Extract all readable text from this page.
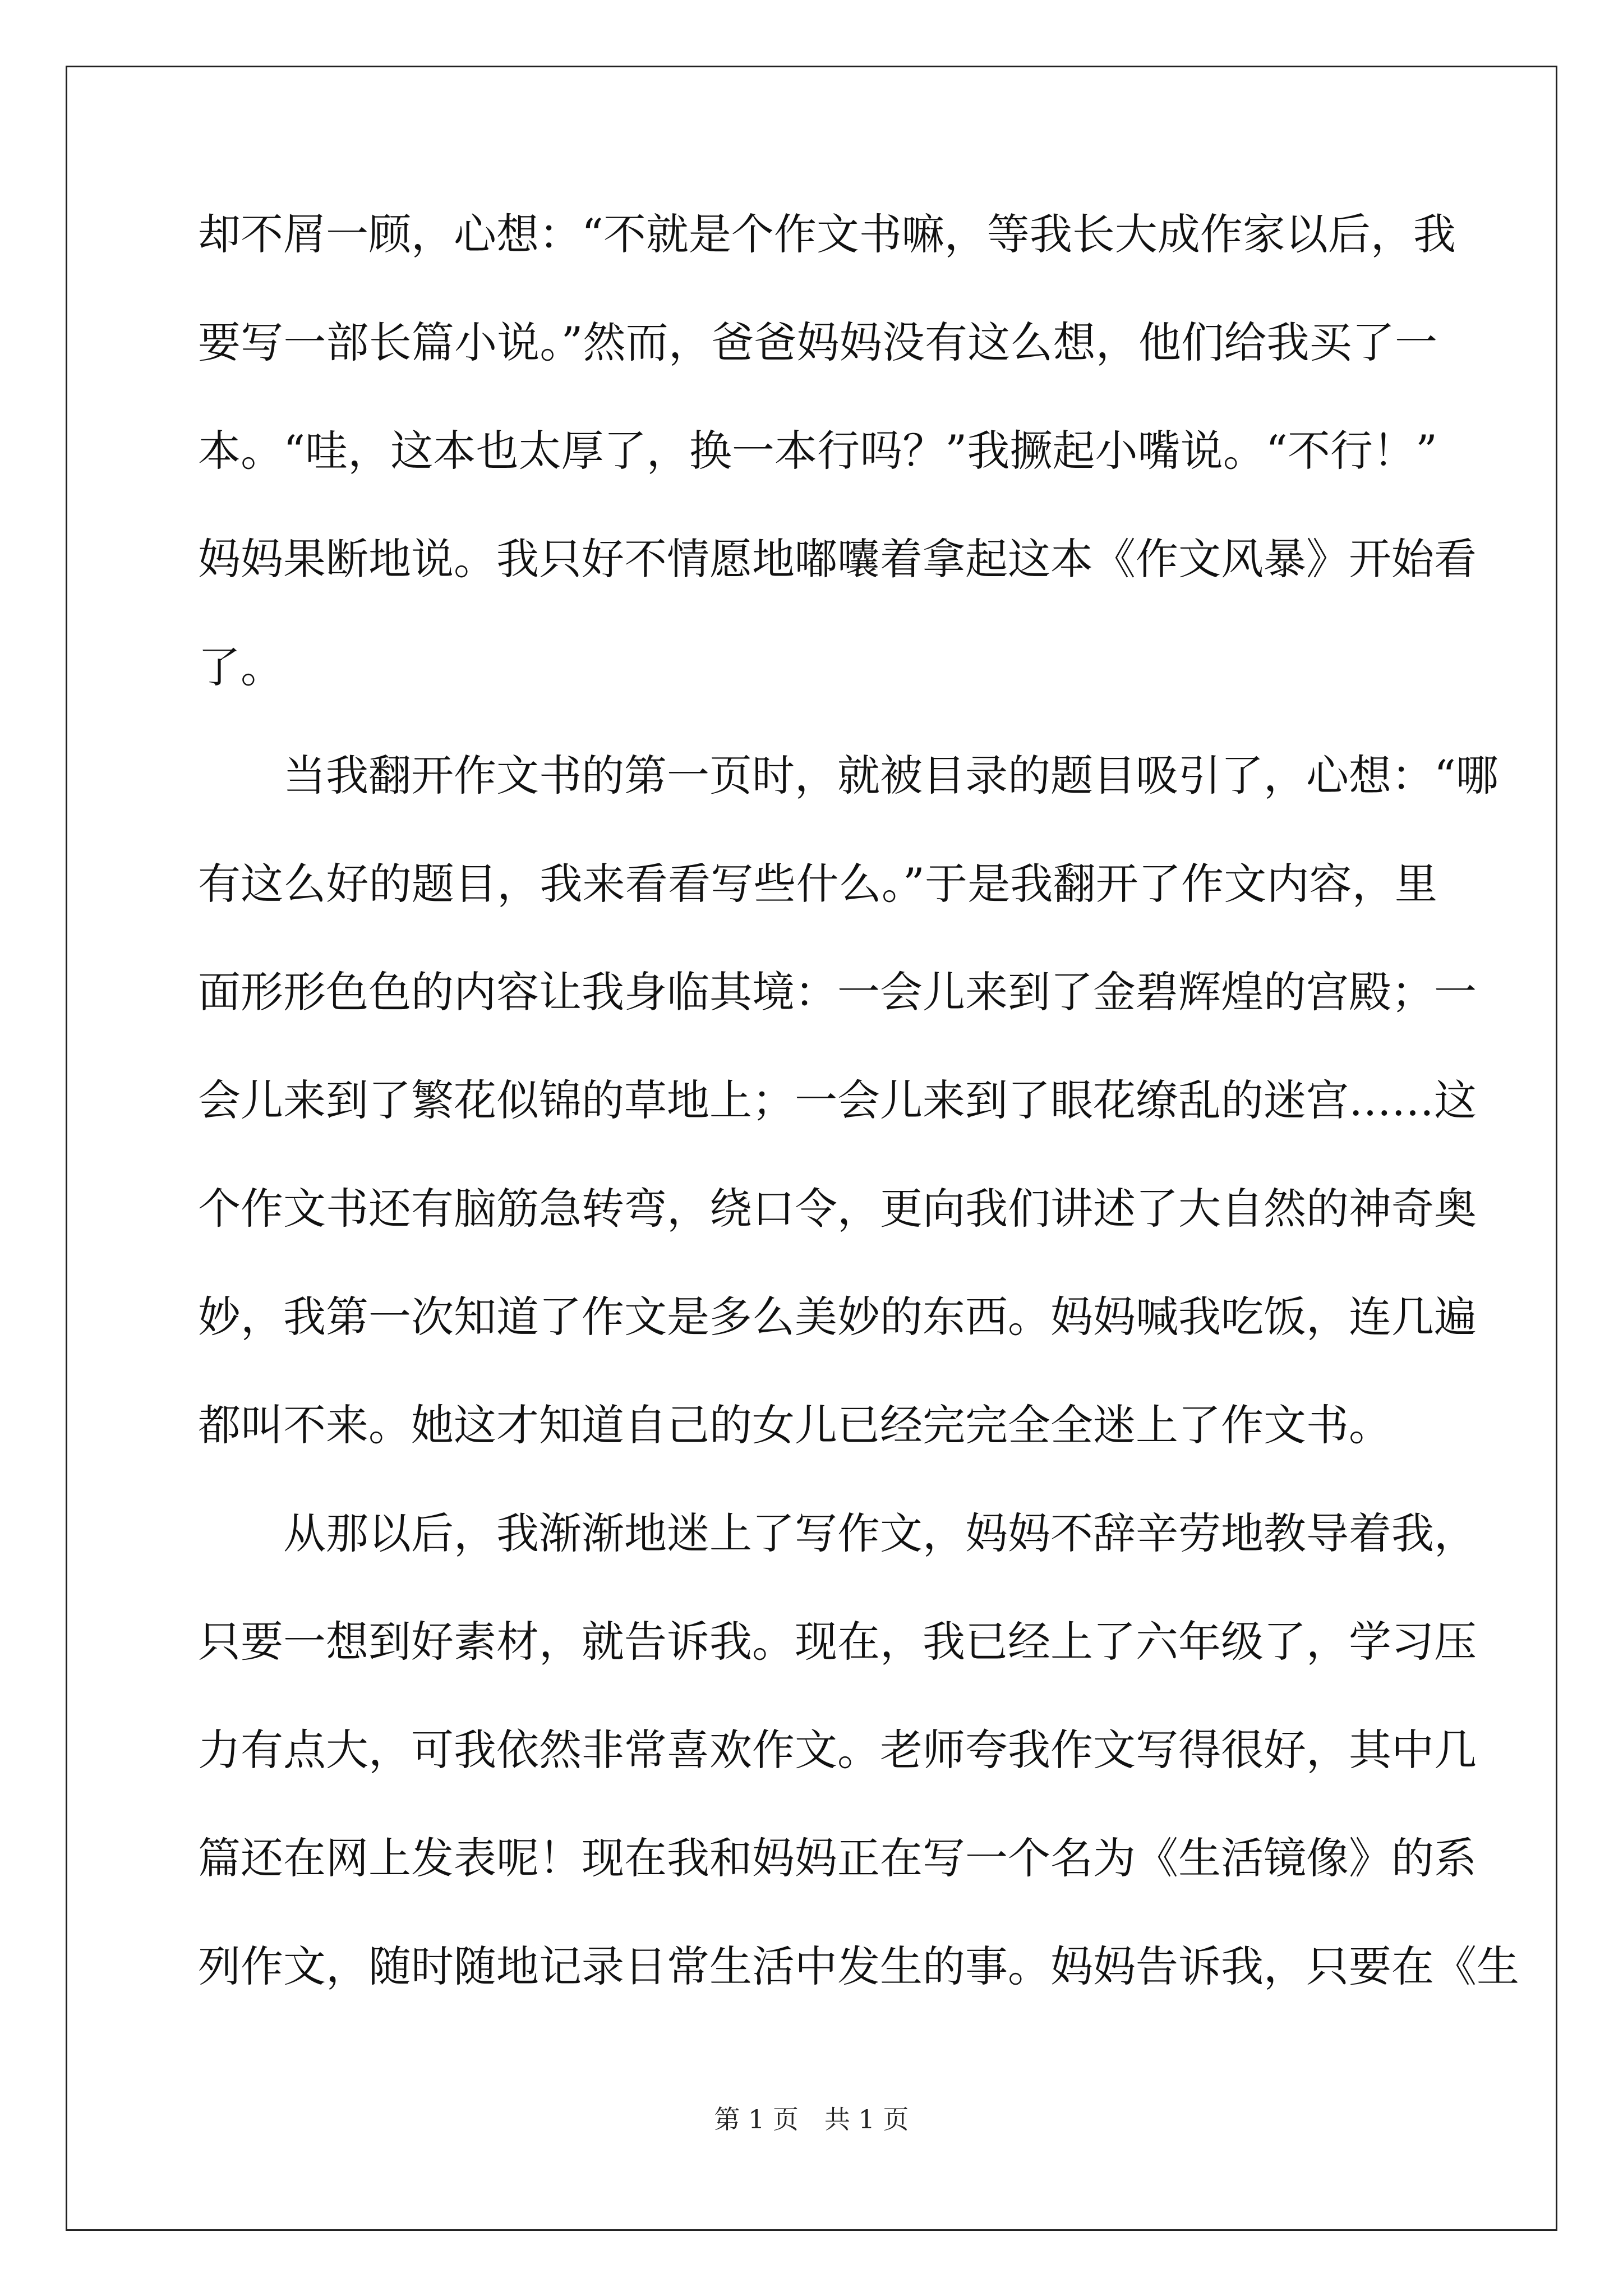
却不屑一顾，心想：“不就是个作文书嘛，等我长大成作家以后，我
要写一部长篇小说。”然而，爸爸妈妈没有这么想，他们给我买了一
本。“哇，这本也太厚了，换一本行吗？”我撅起小嘴说。“不行！”
妈妈果断地说。我只好不情愿地嘟囔着拿起这本《作文风暴》开始看
了。
当我翻开作文书的第一页时，就被目录的题目吸引了，心想：“哪
有这么好的题目，我来看看写些什么。”于是我翻开了作文内容，里
面形形色色的内容让我身临其境：一会儿来到了金碧辉煌的宫殿；一
会儿来到了繁花似锦的草地上；一会儿来到了眼花缭乱的迷宫……这
个作文书还有脑筋急转弯，绕口令，更向我们讲述了大自然的神奇奥
妙，我第一次知道了作文是多么美妙的东西。妈妈喊我吃饭，连几遍
都叫不来。她这才知道自己的女儿已经完完全全迷上了作文书。
从那以后，我渐渐地迷上了写作文，妈妈不辞辛劳地教导着我，
只要一想到好素材，就告诉我。现在，我已经上了六年级了，学习压
力有点大，可我依然非常喜欢作文。老师夸我作文写得很好，其中几
篇还在网上发表呢！现在我和妈妈正在写一个名为《生活镜像》的系
列作文，随时随地记录日常生活中发生的事。妈妈告诉我，只要在《生
第 1 页　共 1 页
